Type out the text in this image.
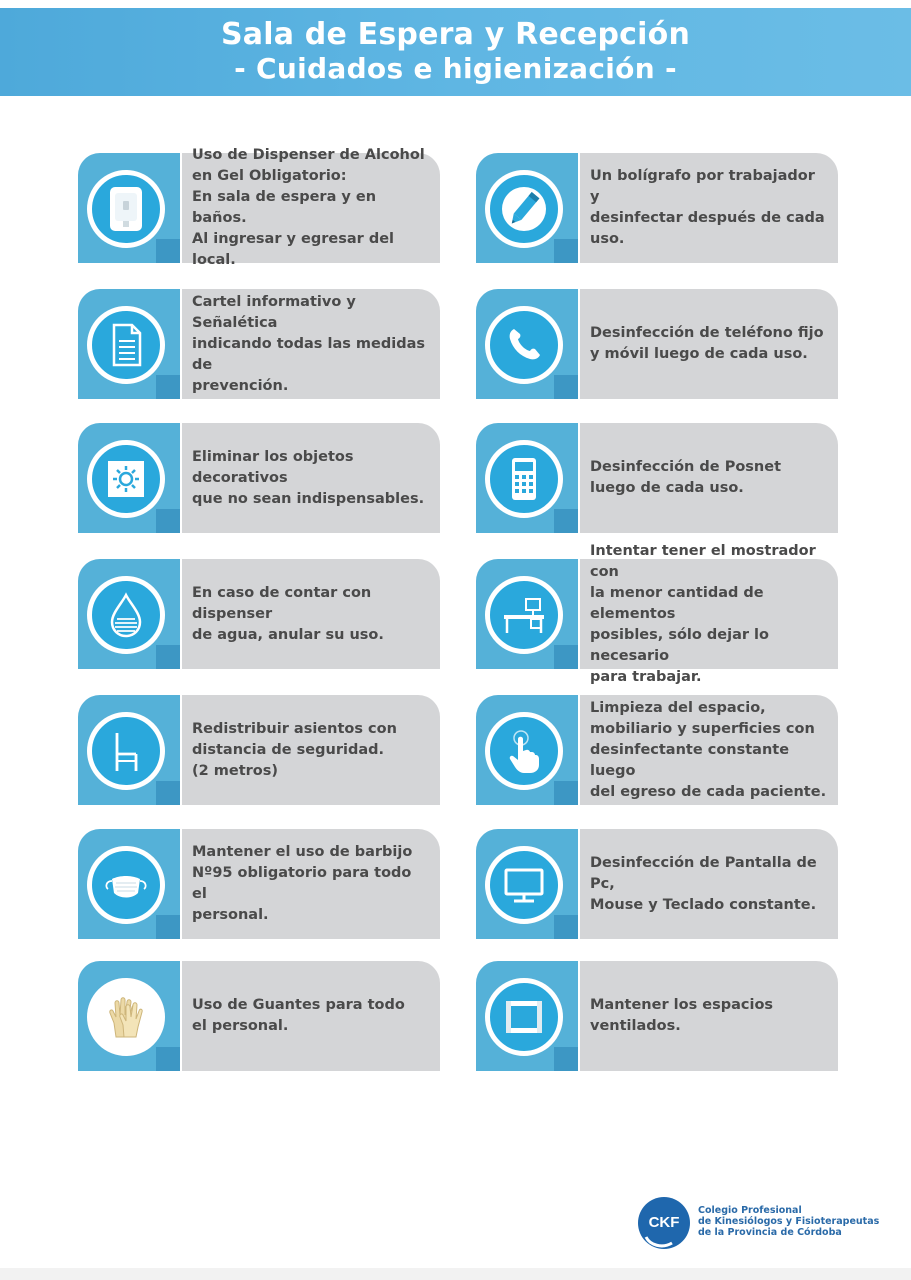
Sala de Espera y Recepción
- Cuidados e higienización -
Uso de Dispenser de Alcohol
en Gel Obligatorio:
En sala de espera y en baños.
Al ingresar y egresar del
local.
Un bolígrafo por trabajador y
desinfectar después de cada
uso.
Cartel informativo y Señalética
indicando todas las medidas de
prevención.
Desinfección de teléfono fijo
y móvil luego de cada uso.
Eliminar los objetos decorativos
que no sean indispensables.
Desinfección de Posnet
luego de cada uso.
En caso de contar con dispenser
de agua, anular su uso.
Intentar tener el mostrador con
la menor cantidad de elementos
posibles, sólo dejar lo necesario
para trabajar.
Redistribuir asientos con
distancia de seguridad.
(2 metros)
Limpieza del espacio,
mobiliario y superficies con
desinfectante constante luego
del egreso de cada paciente.
Mantener el uso de barbijo
Nº95 obligatorio para todo el
personal.
Desinfección de Pantalla de Pc,
Mouse y Teclado constante.
Uso de Guantes para todo
el personal.
Mantener los espacios
ventilados.
CKF
Colegio Profesional
de Kinesiólogos y Fisioterapeutas
de la Provincia de Córdoba
